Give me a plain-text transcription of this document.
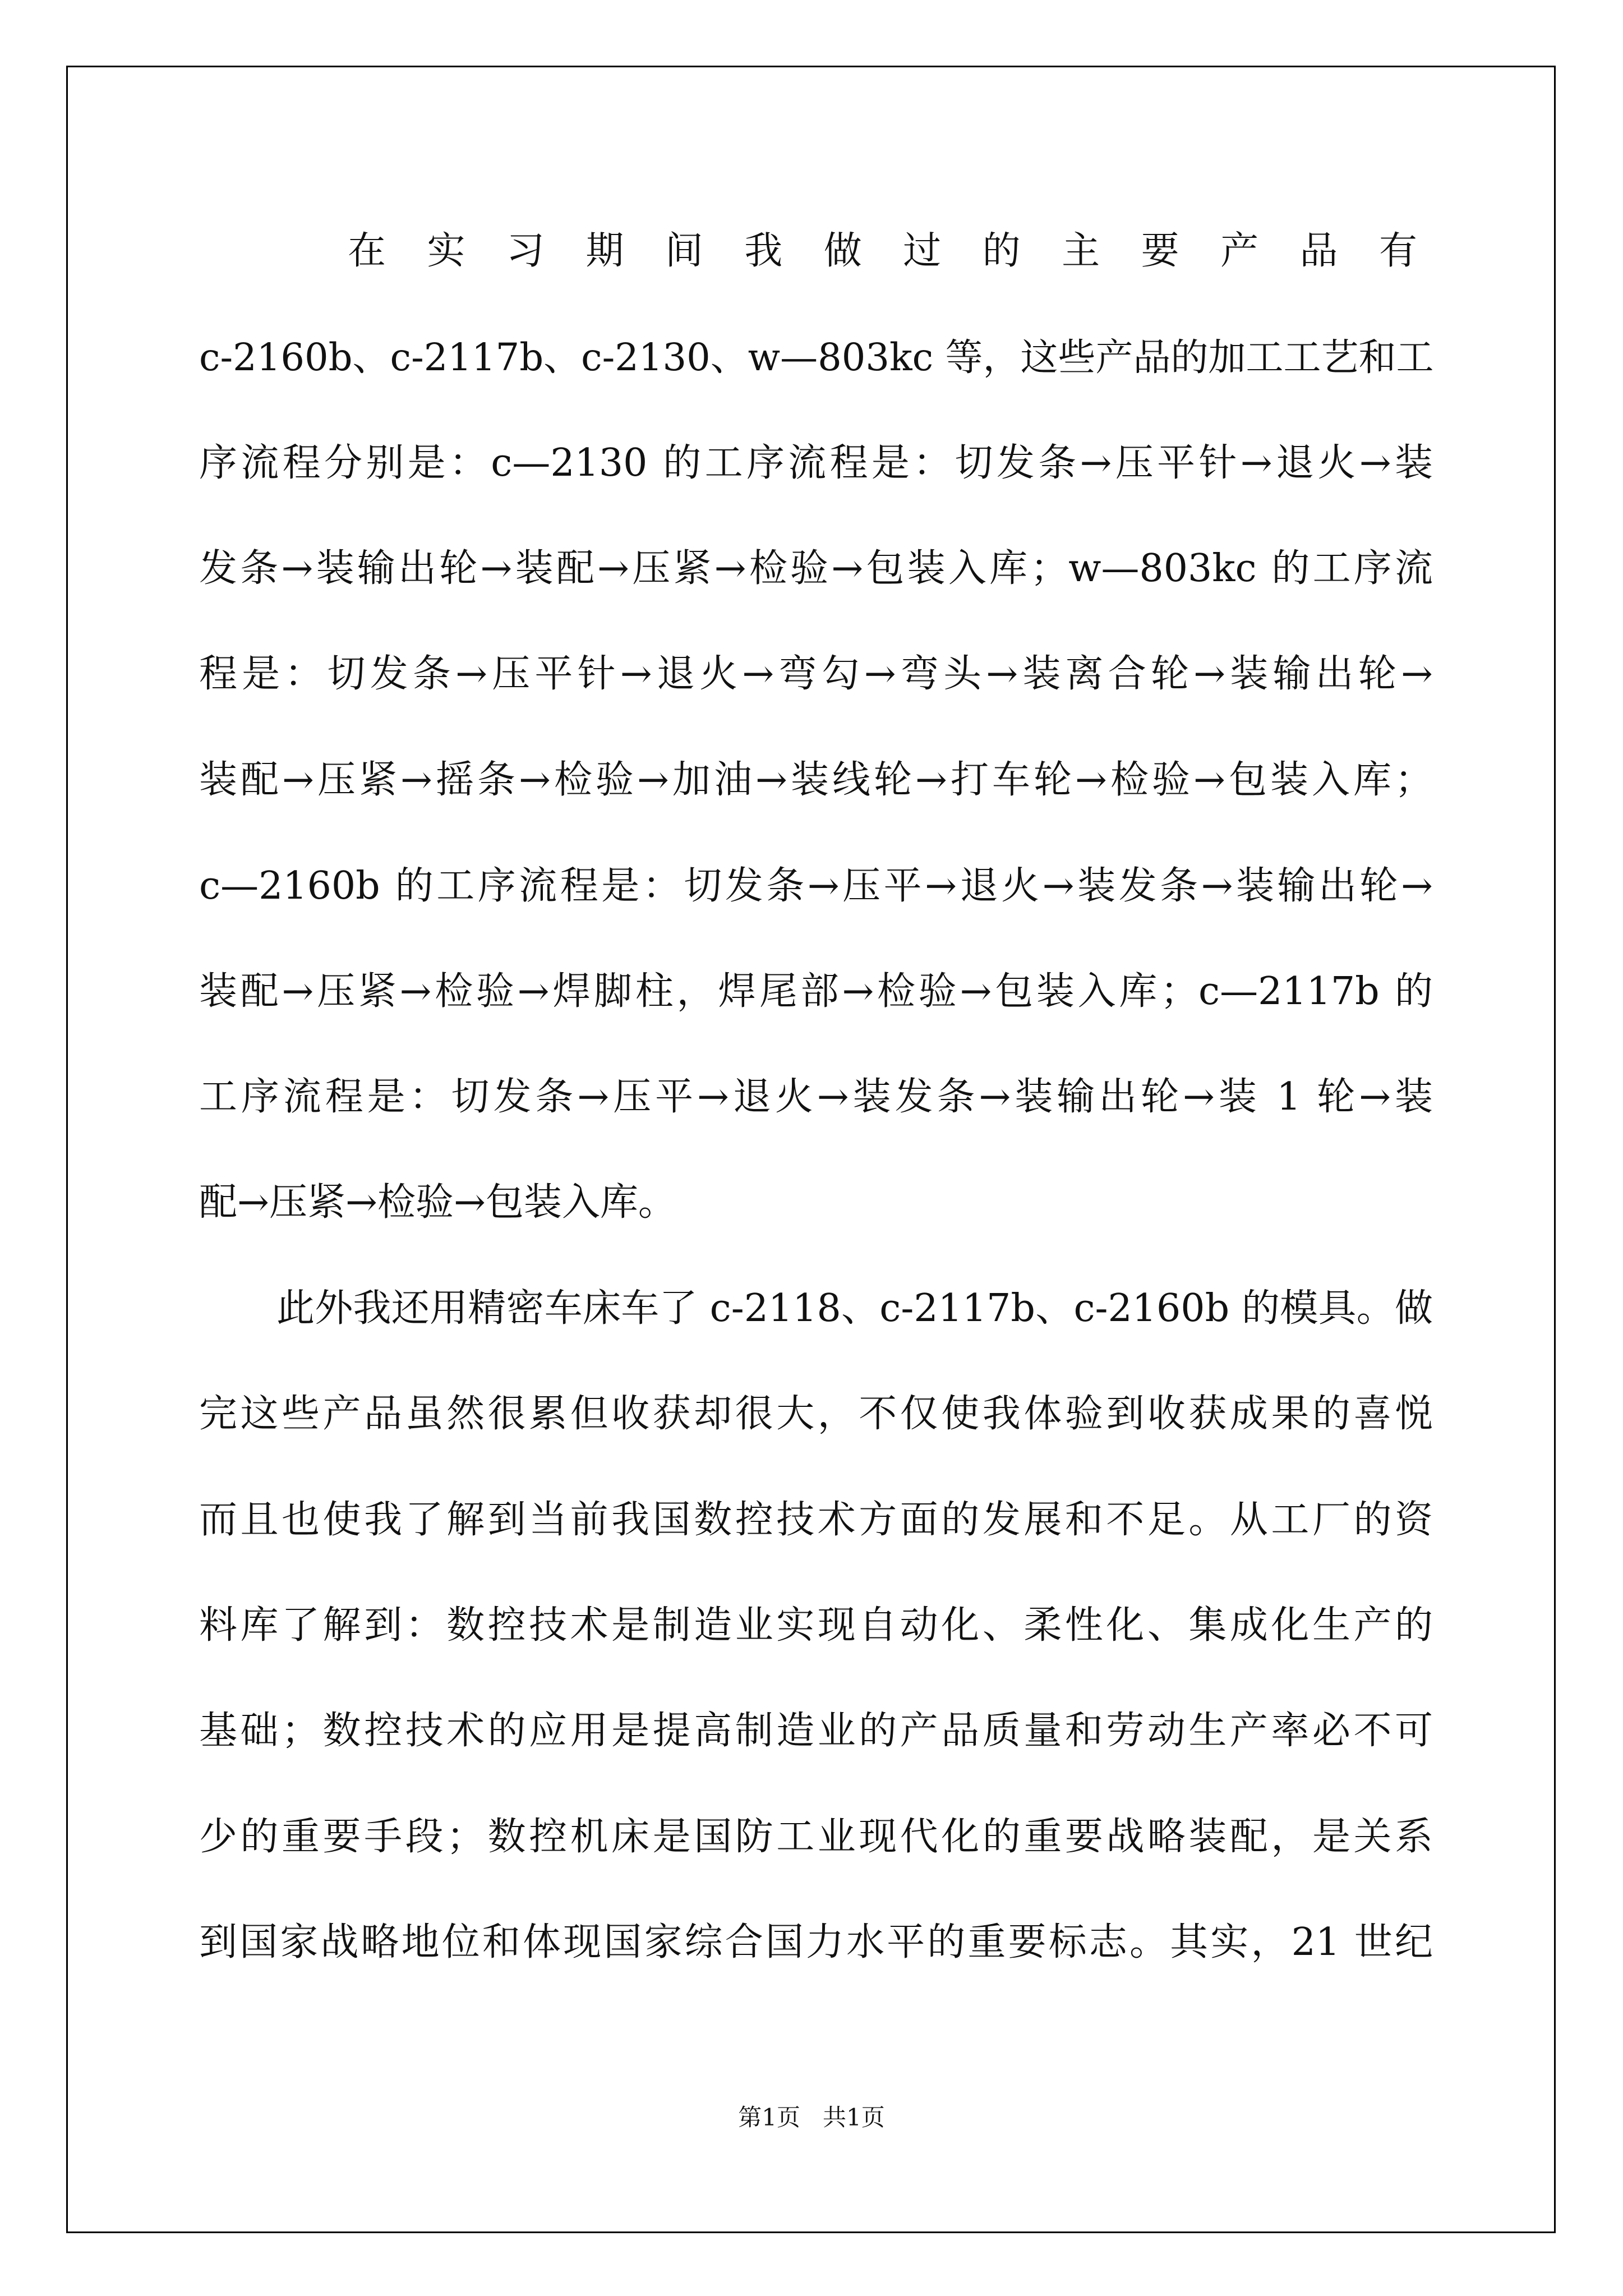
在实习期间我做过的主要产品有
c-2160b、c-2117b、c-2130、w—803kc 等，这些产品的加工工艺和工
序流程分别是：c—2130 的工序流程是：切发条→压平针→退火→装
发条→装输出轮→装配→压紧→检验→包装入库；w—803kc 的工序流
程是：切发条→压平针→退火→弯勾→弯头→装离合轮→装输出轮→
装配→压紧→摇条→检验→加油→装线轮→打车轮→检验→包装入库；
c—2160b 的工序流程是：切发条→压平→退火→装发条→装输出轮→
装配→压紧→检验→焊脚柱，焊尾部→检验→包装入库；c—2117b 的
工序流程是：切发条→压平→退火→装发条→装输出轮→装 1 轮→装
配→压紧→检验→包装入库。
此外我还用精密车床车了 c-2118、c-2117b、c-2160b 的模具。做
完这些产品虽然很累但收获却很大，不仅使我体验到收获成果的喜悦
而且也使我了解到当前我国数控技术方面的发展和不足。从工厂的资
料库了解到：数控技术是制造业实现自动化、柔性化、集成化生产的
基础；数控技术的应用是提高制造业的产品质量和劳动生产率必不可
少的重要手段；数控机床是国防工业现代化的重要战略装配，是关系
到国家战略地位和体现国家综合国力水平的重要标志。其实，21 世纪
第1页   共1页
